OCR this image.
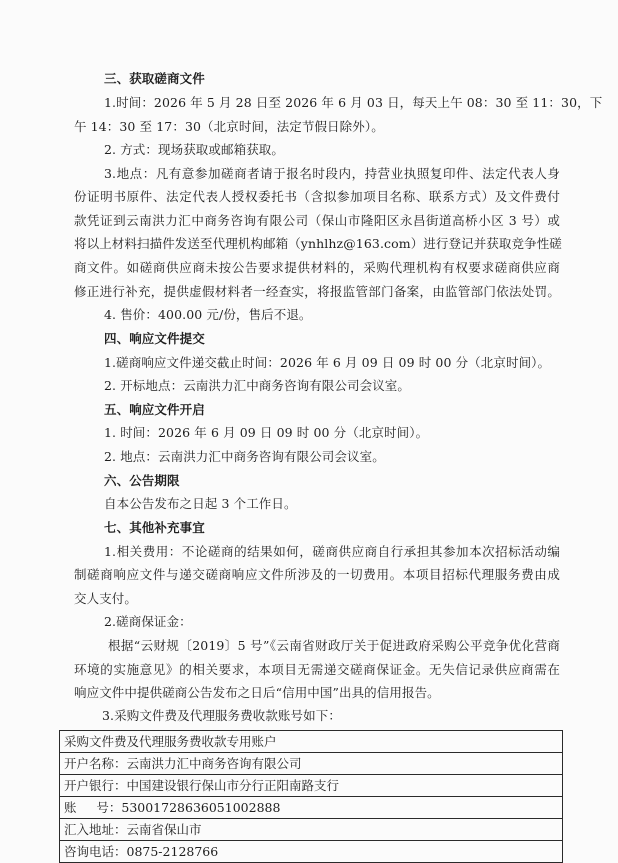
三、获取磋商文件
1.时间：2026 年 5 月 28 日至 2026 年 6 月 03 日，每天上午 08：30 至 11：30，下
午 14：30 至 17：30（北京时间，法定节假日除外）。
2. 方式：现场获取或邮箱获取。
3.地点：凡有意参加磋商者请于报名时段内，持营业执照复印件、法定代表人身
份证明书原件、法定代表人授权委托书（含拟参加项目名称、联系方式）及文件费付
款凭证到云南洪力汇中商务咨询有限公司（保山市隆阳区永昌街道高桥小区 3 号）或
将以上材料扫描件发送至代理机构邮箱（ynhlhz@163.com）进行登记并获取竞争性磋
商文件。如磋商供应商未按公告要求提供材料的，采购代理机构有权要求磋商供应商
修正进行补充，提供虚假材料者一经查实，将报监管部门备案，由监管部门依法处罚。
4. 售价：400.00 元/份，售后不退。
四、响应文件提交
1.磋商响应文件递交截止时间：2026 年 6 月 09 日 09 时 00 分（北京时间）。
2. 开标地点：云南洪力汇中商务咨询有限公司会议室。
五、响应文件开启
1. 时间：2026 年 6 月 09 日 09 时 00 分（北京时间）。
2. 地点：云南洪力汇中商务咨询有限公司会议室。
六、公告期限
自本公告发布之日起 3 个工作日。
七、其他补充事宜
1.相关费用：不论磋商的结果如何，磋商供应商自行承担其参加本次招标活动编
制磋商响应文件与递交磋商响应文件所涉及的一切费用。本项目招标代理服务费由成
交人支付。
2.磋商保证金：
根据“云财规〔2019〕5 号”《云南省财政厅关于促进政府采购公平竞争优化营商
环境的实施意见》的相关要求，本项目无需递交磋商保证金。无失信记录供应商需在
响应文件中提供磋商公告发布之日后“信用中国”出具的信用报告。
3.采购文件费及代理服务费收款账号如下：
采购文件费及代理服务费收款专用账户
开户名称：云南洪力汇中商务咨询有限公司
开户银行：中国建设银行保山市分行正阳南路支行
账     号：53001728636051002888
汇入地址：云南省保山市
咨询电话：0875-2128766
